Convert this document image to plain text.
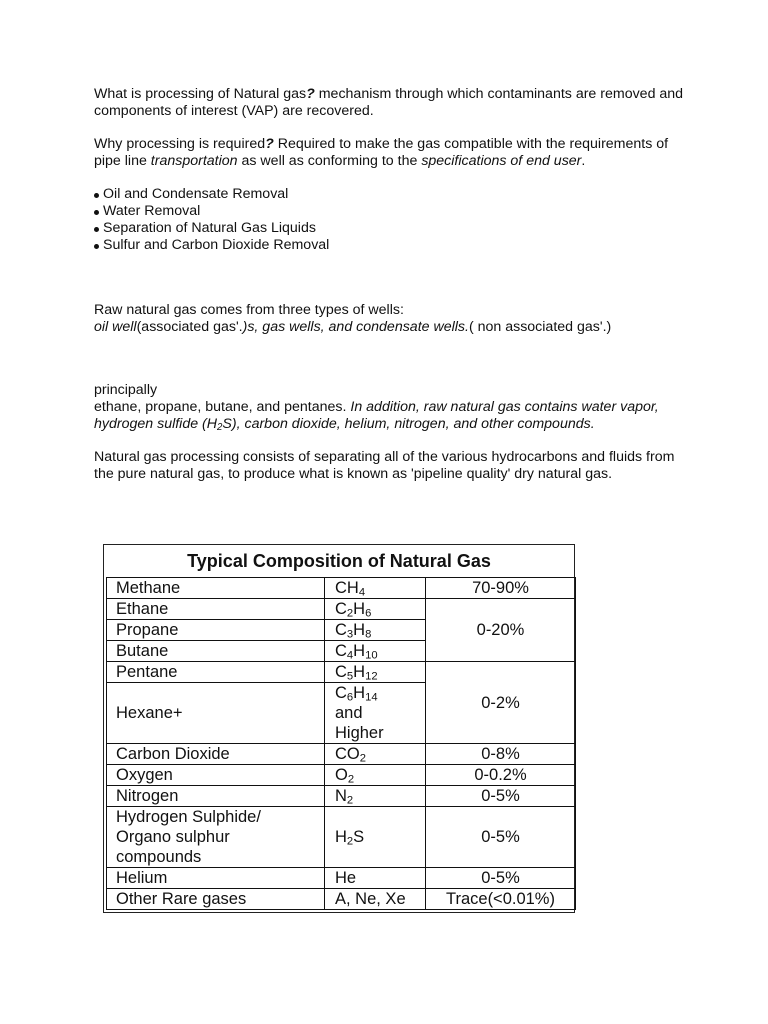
What is processing of Natural gas? mechanism through which contaminants are removed and components of interest (VAP) are recovered.

Why processing is required? Required to make the gas compatible with the requirements of pipe line transportation as well as conforming to the specifications of end user.

Oil and Condensate Removal
Water Removal
Separation of Natural Gas Liquids
Sulfur and Carbon Dioxide Removal

Raw natural gas comes from three types of wells:
oil well(associated gas'.)s, gas wells, and condensate wells.( non associated gas'.)

principally
ethane, propane, butane, and pentanes. In addition, raw natural gas contains water vapor, hydrogen sulfide $(H_2S)$, carbon dioxide, helium, nitrogen, and other compounds.

Natural gas processing consists of separating all of the various hydrocarbons and fluids from the pure natural gas, to produce what is known as 'pipeline quality' dry natural gas.

Typical Composition of Natural Gas
Methane	$CH_4$	70-90%
Ethane	$C_2H_6$	0-20%
Propane	$C_3H_8$
Butane	$C_4H_{10}$
Pentane	$C_5H_{12}$	0-2%
Hexane+	$C_6H_{14}$
and
Higher	
Carbon Dioxide	$CO_2$	0-8%
Oxygen	$O_2$	0-0.2%
Nitrogen	$N_2$	0-5%
Hydrogen Sulphide/
Organo sulphur
compounds	$H_2S$	0-5%
Helium	He	0-5%
Other Rare gases	A, Ne, Xe	Trace(<0.01%)
